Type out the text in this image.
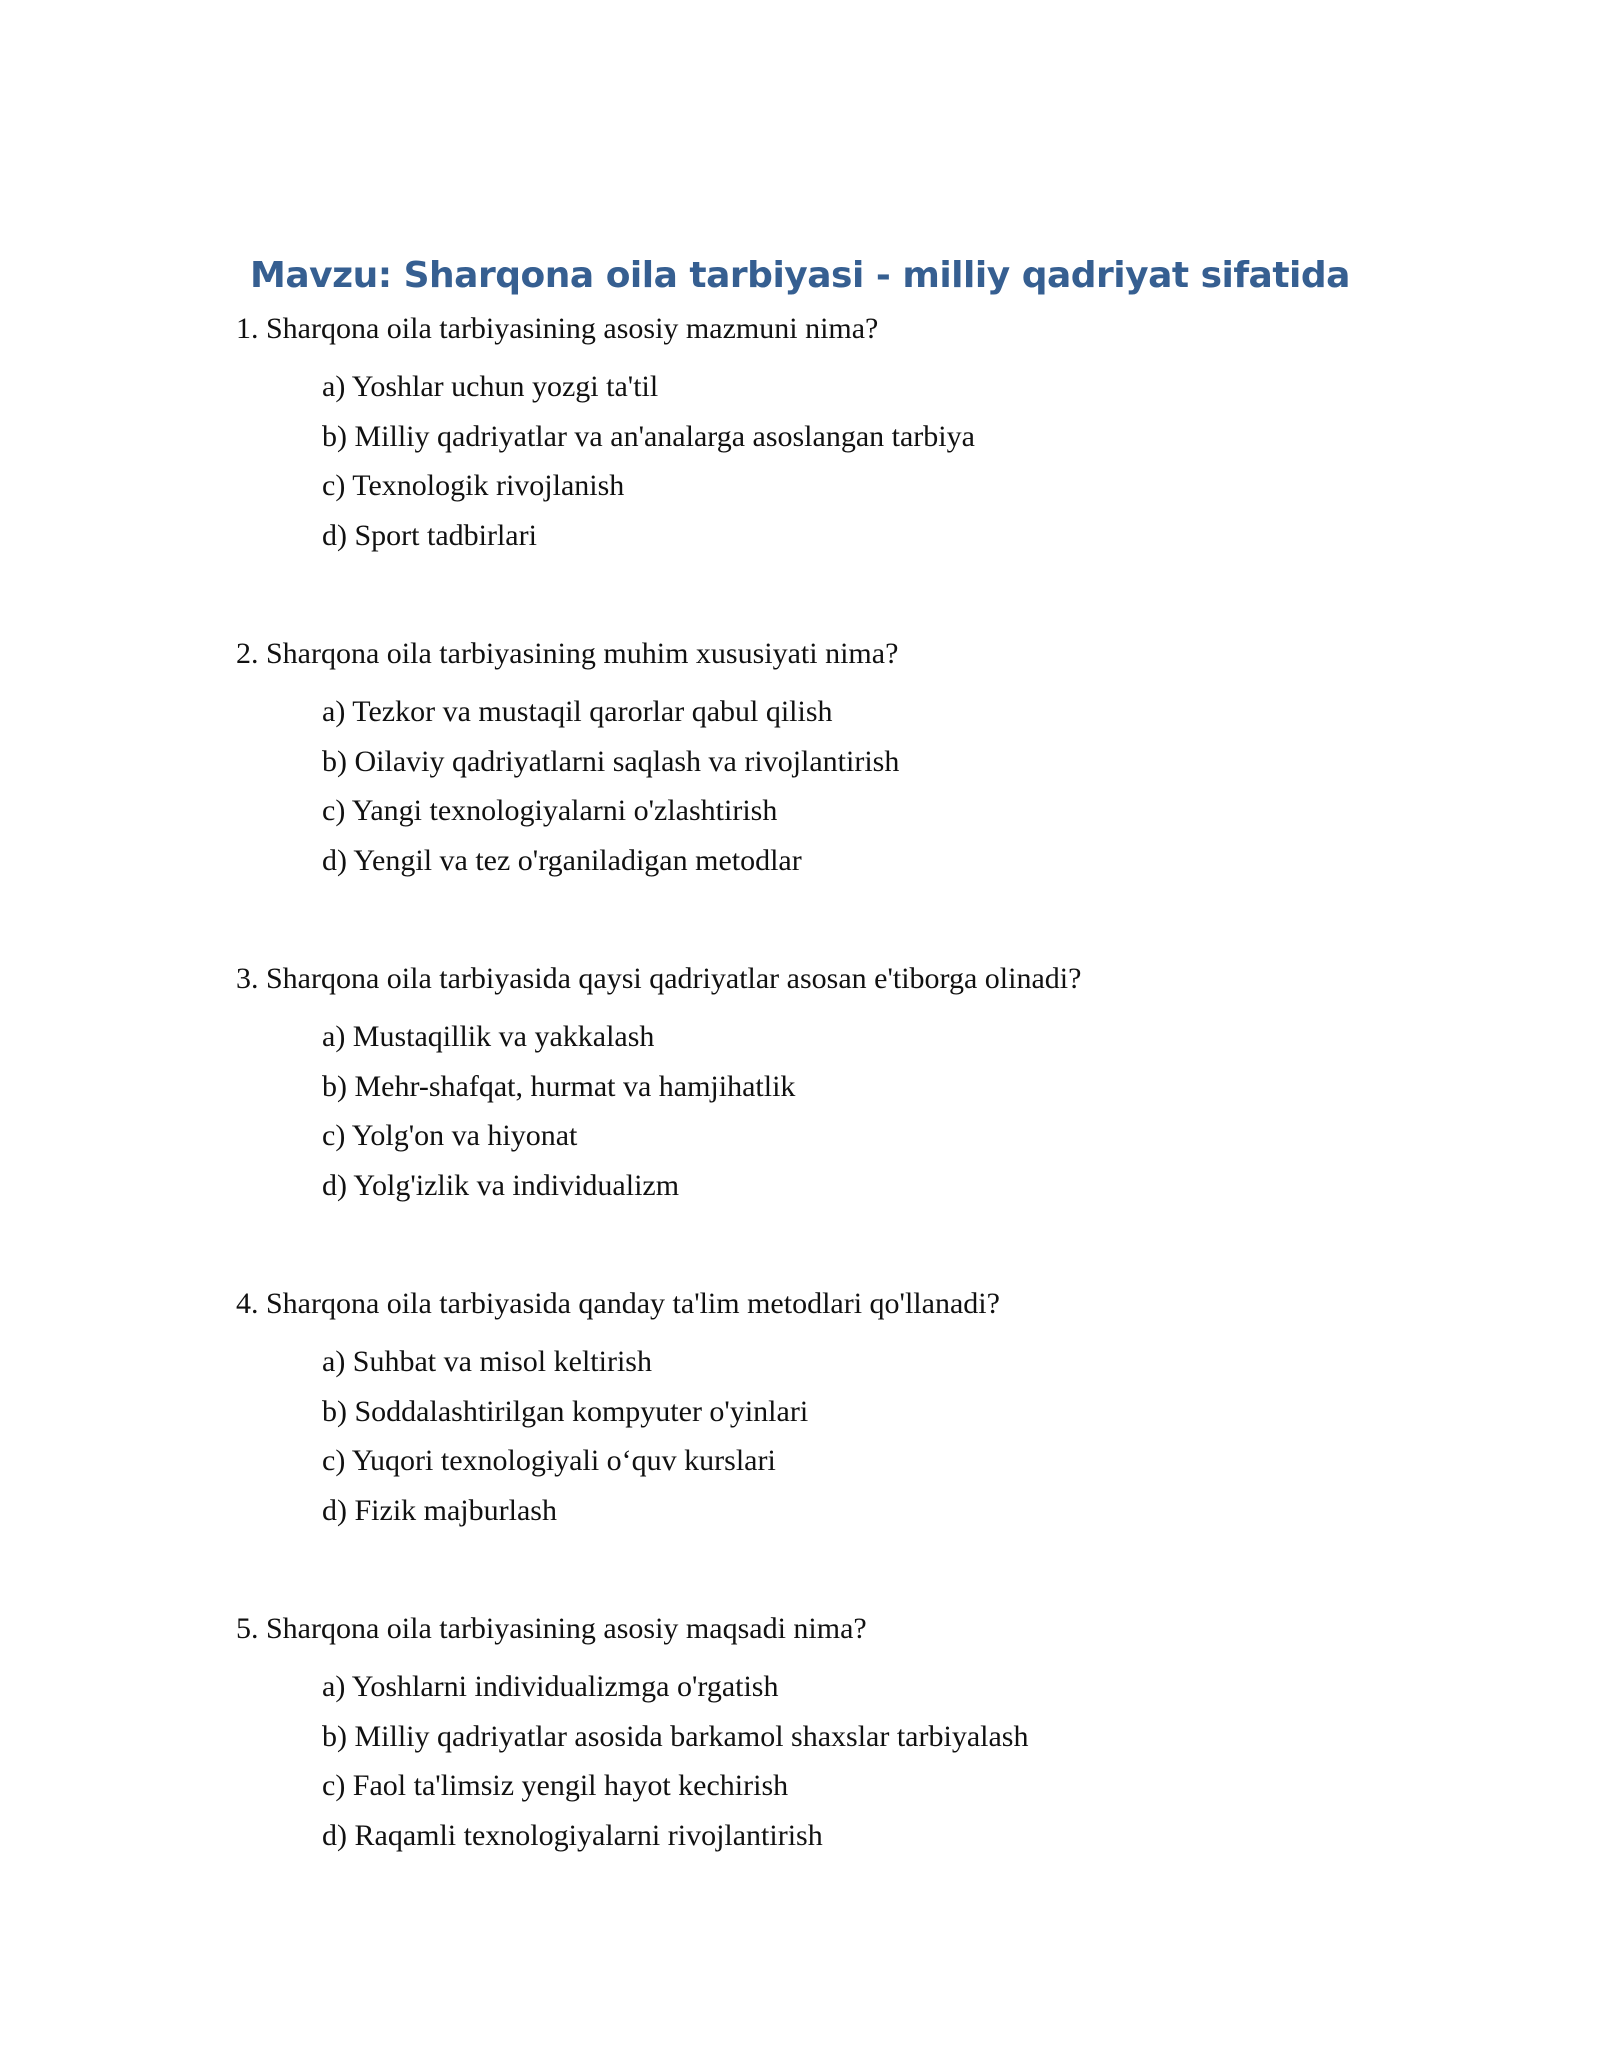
Mavzu: Sharqona oila tarbiyasi - milliy qadriyat sifatida

1. Sharqona oila tarbiyasining asosiy mazmuni nima?

a) Yoshlar uchun yozgi ta'til
b) Milliy qadriyatlar va an'analarga asoslangan tarbiya
c) Texnologik rivojlanish
d) Sport tadbirlari

2. Sharqona oila tarbiyasining muhim xususiyati nima?

a) Tezkor va mustaqil qarorlar qabul qilish
b) Oilaviy qadriyatlarni saqlash va rivojlantirish
c) Yangi texnologiyalarni o'zlashtirish
d) Yengil va tez o'rganiladigan metodlar

3. Sharqona oila tarbiyasida qaysi qadriyatlar asosan e'tiborga olinadi?

a) Mustaqillik va yakkalash
b) Mehr-shafqat, hurmat va hamjihatlik
c) Yolg'on va hiyonat
d) Yolg'izlik va individualizm

4. Sharqona oila tarbiyasida qanday ta'lim metodlari qo'llanadi?

a) Suhbat va misol keltirish
b) Soddalashtirilgan kompyuter o'yinlari
c) Yuqori texnologiyali o‘quv kurslari
d) Fizik majburlash

5. Sharqona oila tarbiyasining asosiy maqsadi nima?

a) Yoshlarni individualizmga o'rgatish
b) Milliy qadriyatlar asosida barkamol shaxslar tarbiyalash
c) Faol ta'limsiz yengil hayot kechirish
d) Raqamli texnologiyalarni rivojlantirish
